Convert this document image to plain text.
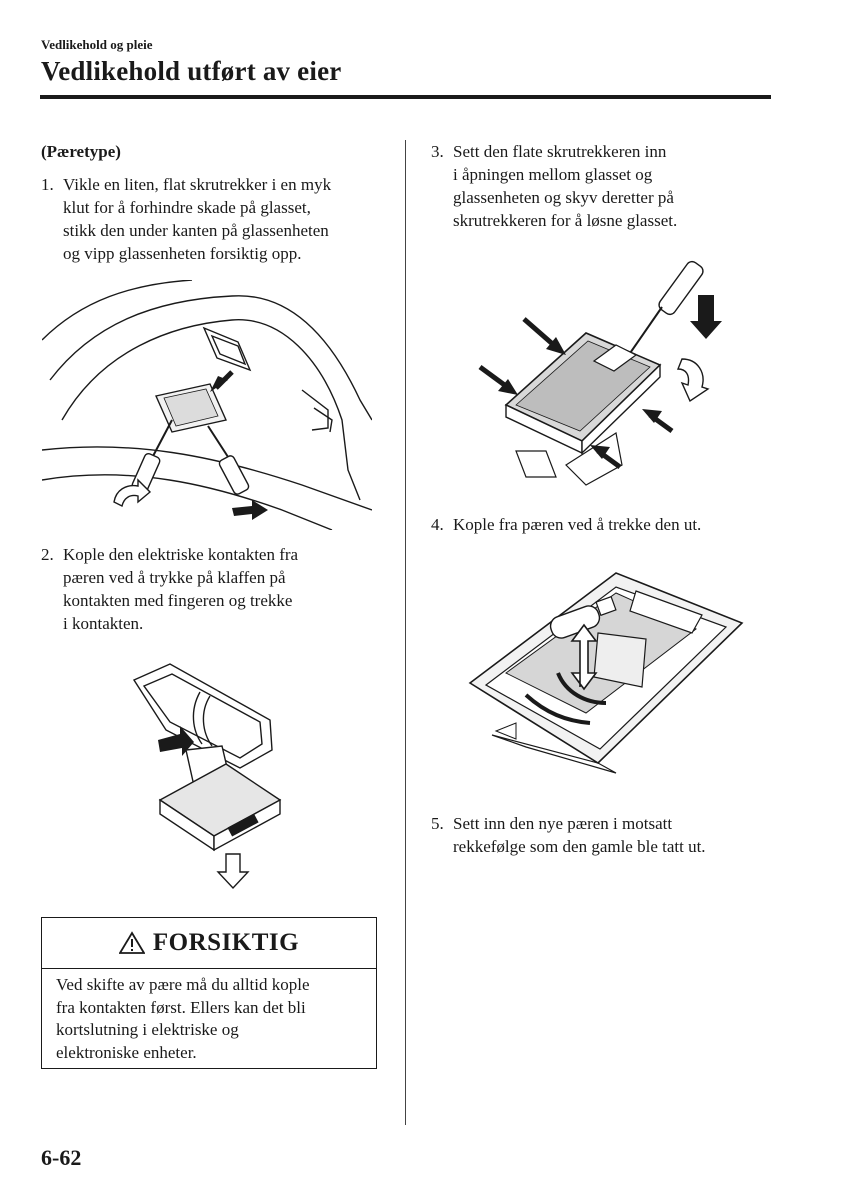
Vedlikehold og pleie
Vedlikehold utført av eier
(Pæretype)
1. Vikle en liten, flat skrutrekker i en myk
klut for å forhindre skade på glasset,
stikk den under kanten på glassenheten
og vipp glassenheten forsiktig opp.
2. Kople den elektriske kontakten fra
pæren ved å trykke på klaffen på
kontakten med fingeren og trekke
i kontakten.
FORSIKTIG
Ved skifte av pære må du alltid kople
fra kontakten først. Ellers kan det bli
kortslutning i elektriske og
elektroniske enheter.
3. Sett den flate skrutrekkeren inn
i åpningen mellom glasset og
glassenheten og skyv deretter på
skrutrekkeren for å løsne glasset.
4. Kople fra pæren ved å trekke den ut.
5. Sett inn den nye pæren i motsatt
rekkefølge som den gamle ble tatt ut.
6-62
